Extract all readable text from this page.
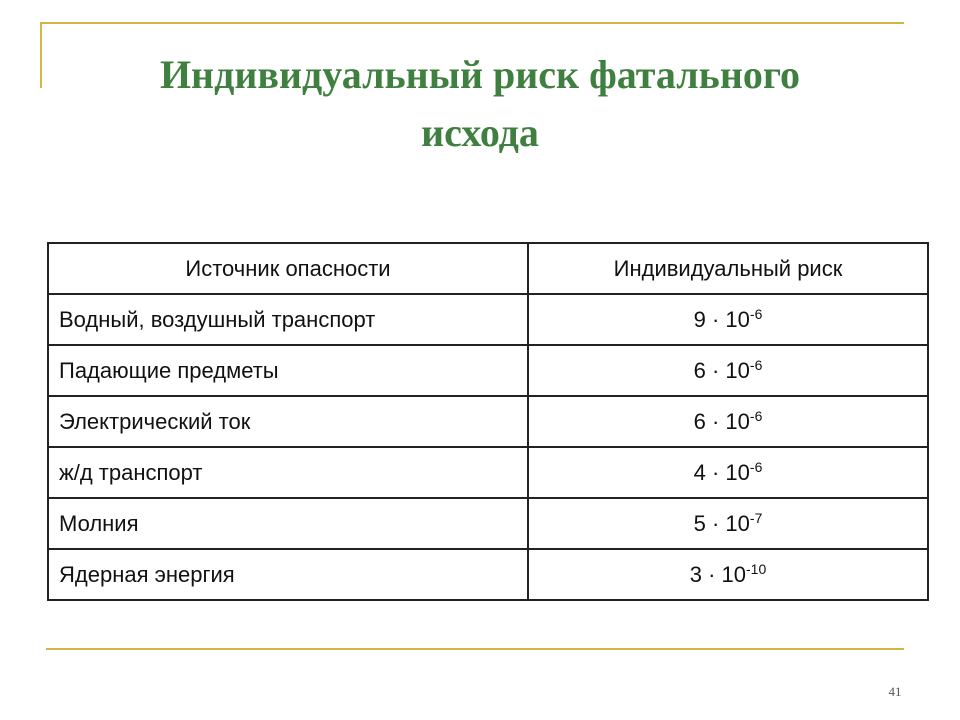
Индивидуальный риск фатального
исхода
Источник опасности	Индивидуальный риск
Водный, воздушный транспорт	$9 \cdot 10^{-6}$
Падающие предметы	$6 \cdot 10^{-6}$
Электрический ток	$6 \cdot 10^{-6}$
ж/д транспорт	$4 \cdot 10^{-6}$
Молния	$5 \cdot 10^{-7}$
Ядерная энергия	$3 \cdot 10^{-10}$
41
